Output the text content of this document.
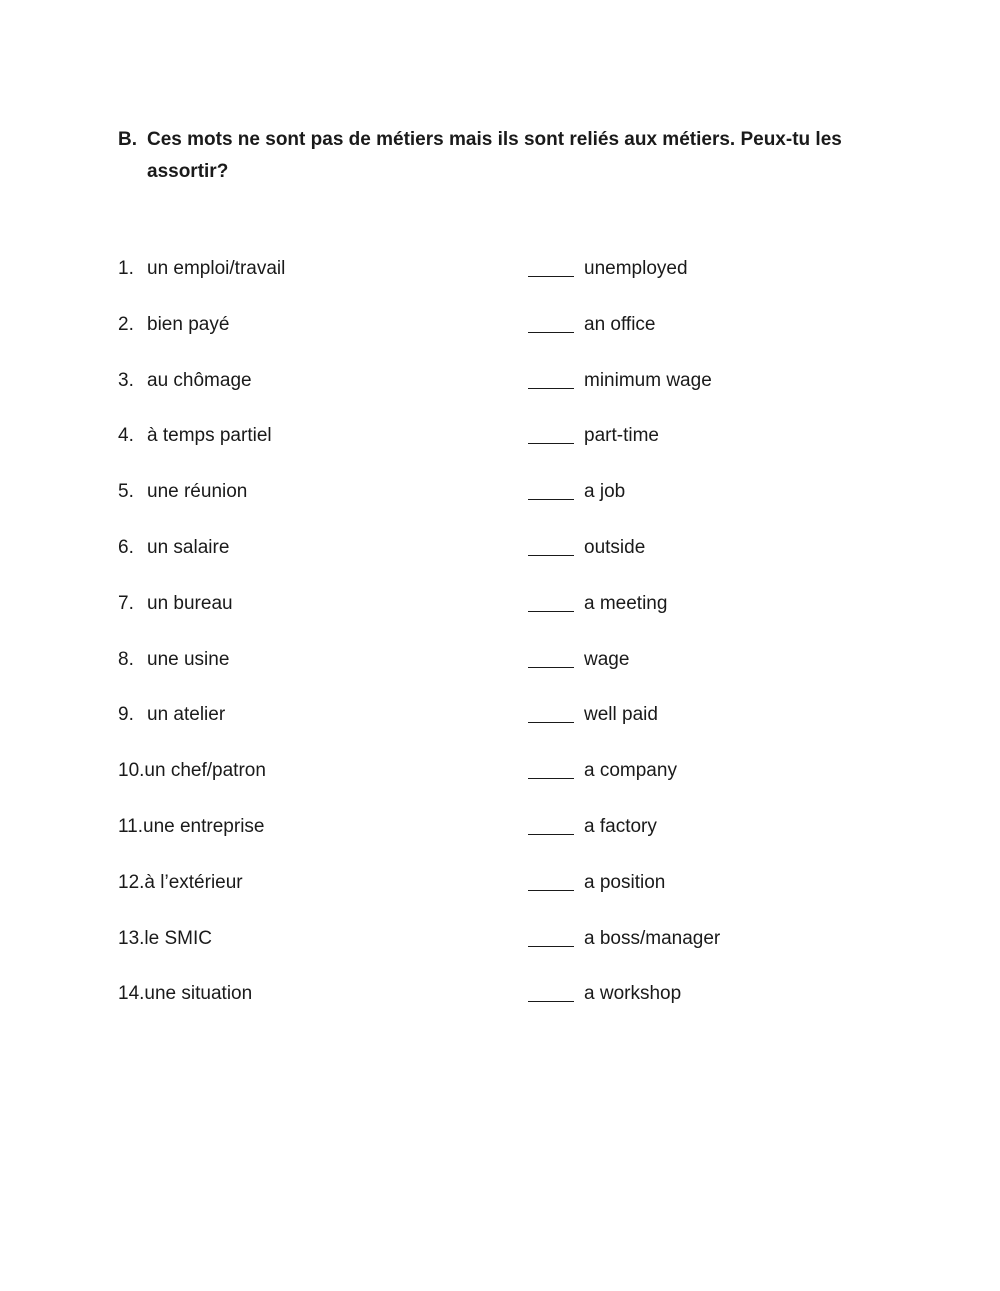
B. Ces mots ne sont pas de métiers mais ils sont reliés aux métiers. Peux-tu les assortir?
1. un emploi/travail	unemployed
2. bien payé	an office
3. au chômage	minimum wage
4. à temps partiel	part-time
5. une réunion	a job
6. un salaire	outside
7. un bureau	a meeting
8. une usine	wage
9. un atelier	well paid
10.un chef/patron	a company
11.une entreprise	a factory
12.à l’extérieur	a position
13.le SMIC	a boss/manager
14.une situation	a workshop
